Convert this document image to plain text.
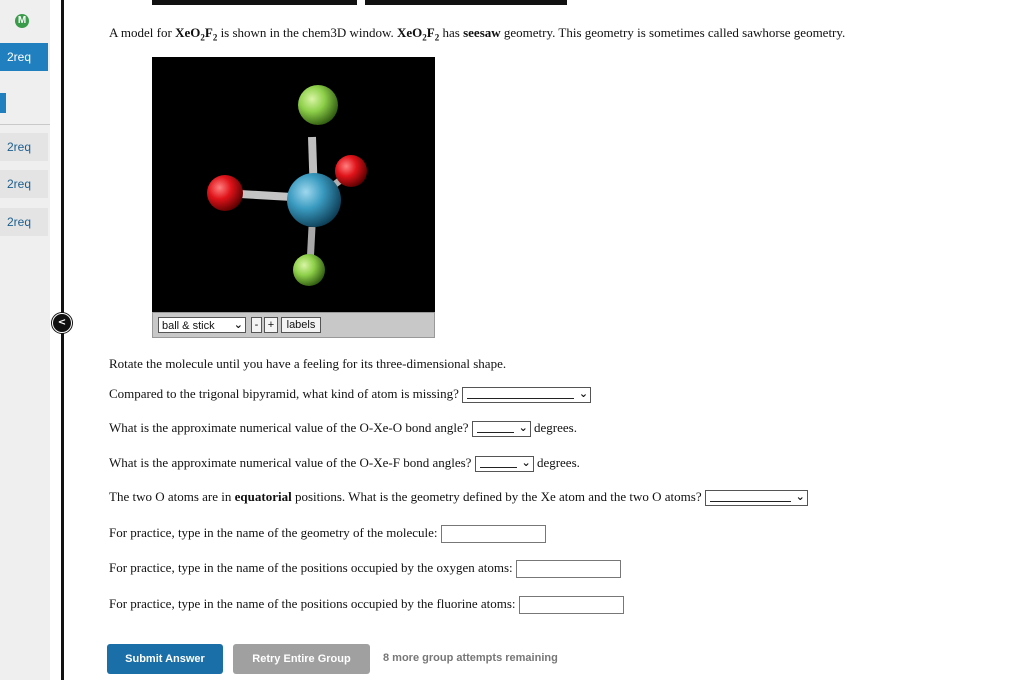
M
2req
2req
2req
2req
<
A model for $XeO_2F_2$ is shown in the chem3D window. $XeO_2F_2$ has seesaw geometry. This geometry is sometimes called sawhorse geometry.
ball & stick ⌄	- +	labels
Rotate the molecule until you have a feeling for its three-dimensional shape.
Compared to the trigonal bipyramid, what kind of atom is missing?	⌄
What is the approximate numerical value of the O-Xe-O bond angle?	⌄ degrees.
What is the approximate numerical value of the O-Xe-F bond angles?	⌄ degrees.
The two O atoms are in equatorial positions. What is the geometry defined by the Xe atom and the two O atoms?	⌄
For practice, type in the name of the geometry of the molecule:
For practice, type in the name of the positions occupied by the oxygen atoms:
For practice, type in the name of the positions occupied by the fluorine atoms:
Submit Answer	Retry Entire Group	8 more group attempts remaining
